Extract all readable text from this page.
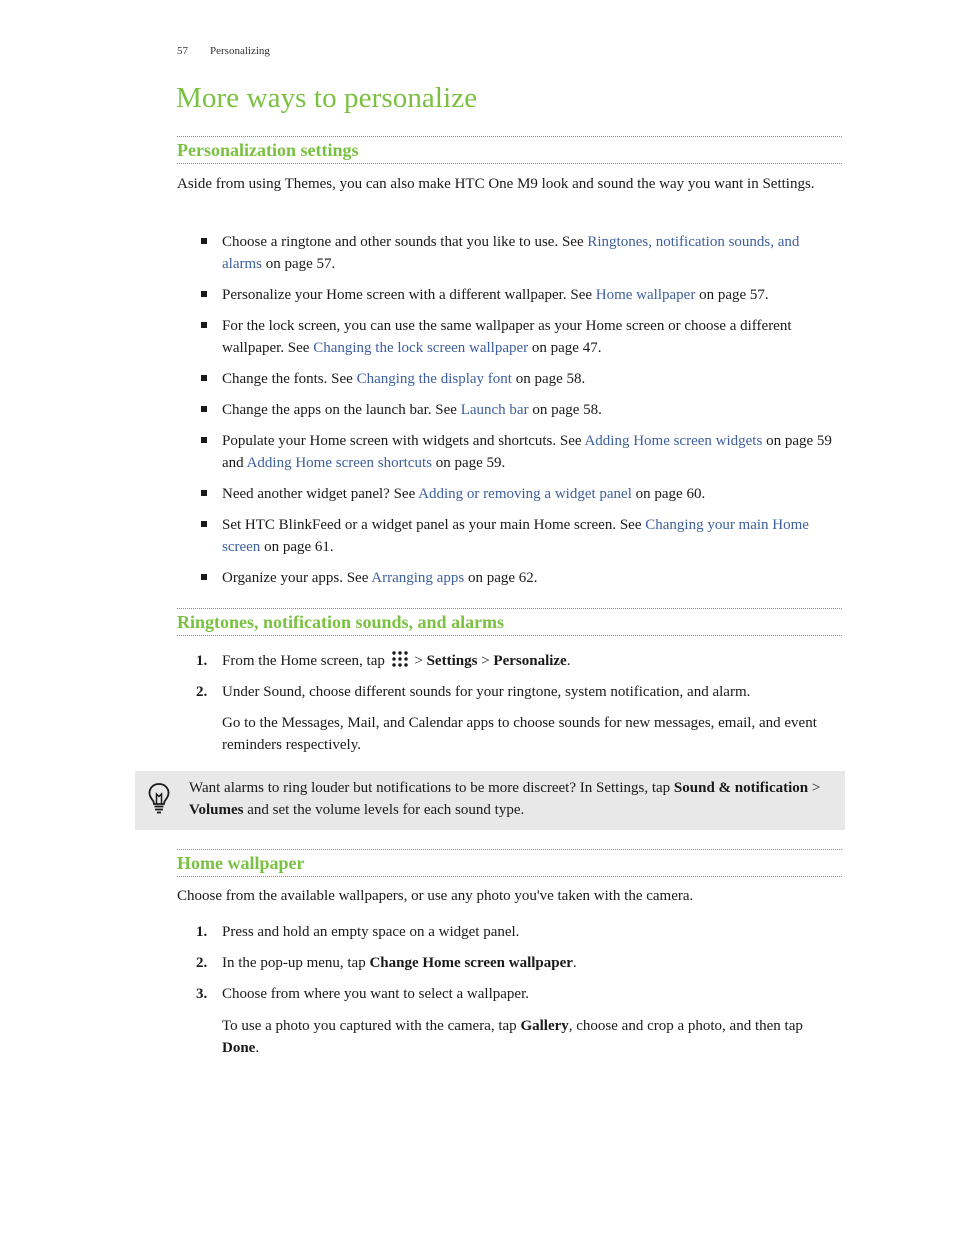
57 Personalizing
More ways to personalize
Personalization settings

Aside from using Themes, you can also make HTC One M9 look and sound the way you want in Settings.

Choose a ringtone and other sounds that you like to use. See Ringtones, notification sounds, and alarms on page 57.
Personalize your Home screen with a different wallpaper. See Home wallpaper on page 57.
For the lock screen, you can use the same wallpaper as your Home screen or choose a different wallpaper. See Changing the lock screen wallpaper on page 47.
Change the fonts. See Changing the display font on page 58.
Change the apps on the launch bar. See Launch bar on page 58.
Populate your Home screen with widgets and shortcuts. See Adding Home screen widgets on page 59 and Adding Home screen shortcuts on page 59.
Need another widget panel? See Adding or removing a widget panel on page 60.
Set HTC BlinkFeed or a widget panel as your main Home screen. See Changing your main Home screen on page 61.
Organize your apps. See Arranging apps on page 62.
Ringtones, notification sounds, and alarms
1. From the Home screen, tap  > Settings > Personalize.
2. Under Sound, choose different sounds for your ringtone, system notification, and alarm.
Go to the Messages, Mail, and Calendar apps to choose sounds for new messages, email, and event reminders respectively.
Want alarms to ring louder but notifications to be more discreet? In Settings, tap Sound & notification > Volumes and set the volume levels for each sound type.
Home wallpaper

Choose from the available wallpapers, or use any photo you've taken with the camera.

1. Press and hold an empty space on a widget panel.
2. In the pop-up menu, tap Change Home screen wallpaper.
3. Choose from where you want to select a wallpaper.
To use a photo you captured with the camera, tap Gallery, choose and crop a photo, and then tap Done.
